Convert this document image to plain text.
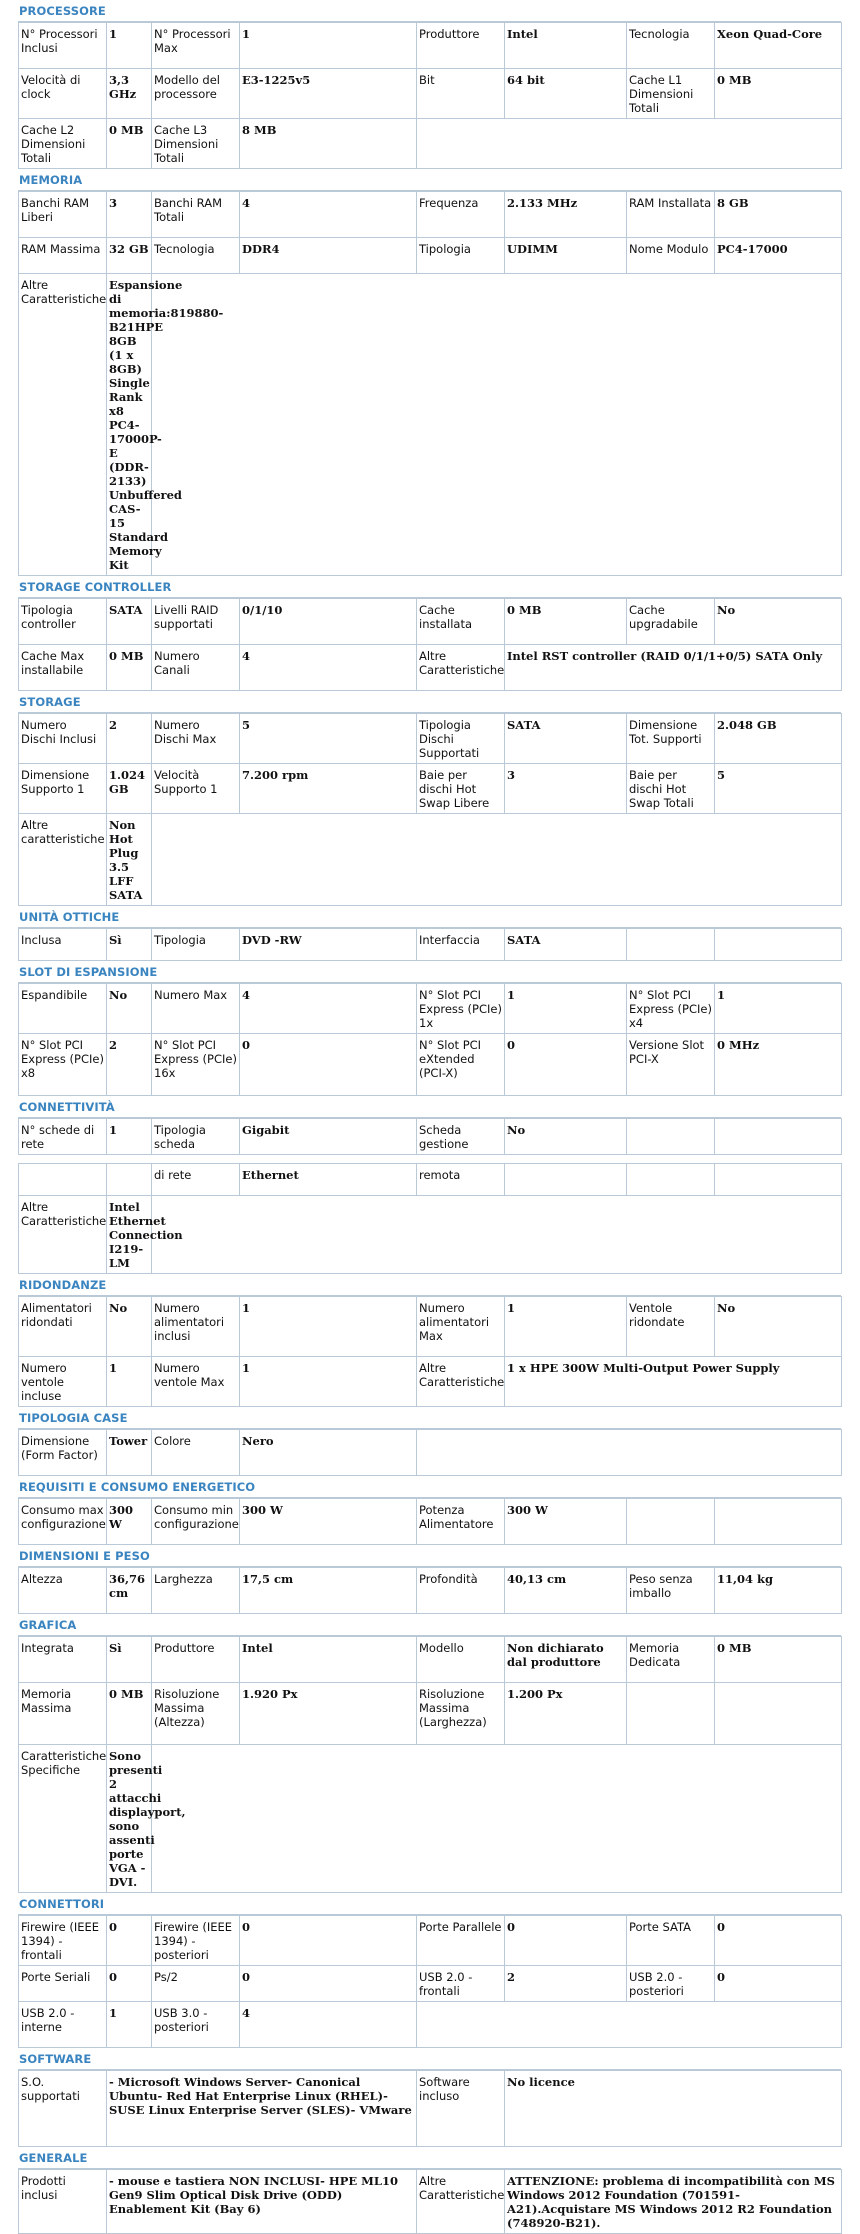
PROCESSORE
N° Processori Inclusi	1	N° Processori Max	1	Produttore	Intel	Tecnologia	Xeon Quad-Core
Velocità di clock	3,3 GHz	Modello del processore	E3-1225v5	Bit	64 bit	Cache L1 Dimensioni Totali	0 MB
Cache L2 Dimensioni Totali	0 MB	Cache L3 Dimensioni Totali	8 MB				
MEMORIA
Banchi RAM Liberi	3	Banchi RAM Totali	4	Frequenza	2.133 MHz	RAM Installata	8 GB
RAM Massima	32 GB	Tecnologia	DDR4	Tipologia	UDIMM	Nome Modulo	PC4-17000
Altre Caratteristiche	Espansione di memoria:819880-B21HPE 8GB (1 x 8GB) Single Rank x8 PC4-17000P-E (DDR-2133) Unbuffered CAS-15 Standard Memory Kit						
STORAGE CONTROLLER
Tipologia controller	SATA	Livelli RAID supportati	0/1/10	Cache installata	0 MB	Cache upgradabile	No
Cache Max installabile	0 MB	Numero Canali	4	Altre Caratteristiche	Intel RST controller (RAID 0/1/1+0/5) SATA Only		
STORAGE
Numero Dischi Inclusi	2	Numero Dischi Max	5	Tipologia Dischi Supportati	SATA	Dimensione Tot. Supporti	2.048 GB
Dimensione Supporto 1	1.024 GB	Velocità Supporto 1	7.200 rpm	Baie per dischi Hot Swap Libere	3	Baie per dischi Hot Swap Totali	5
Altre caratteristiche	Non Hot Plug 3.5 LFF SATA						
UNITÀ OTTICHE
Inclusa	Sì	Tipologia	DVD -RW	Interfaccia	SATA		
SLOT DI ESPANSIONE
Espandibile	No	Numero Max	4	N° Slot PCI Express (PCIe) 1x	1	N° Slot PCI Express (PCIe) x4	1
N° Slot PCI Express (PCIe) x8	2	N° Slot PCI Express (PCIe) 16x	0	N° Slot PCI eXtended (PCI-X)	0	Versione Slot PCI-X	0 MHz
CONNETTIVITÀ
N° schede di rete	1	Tipologia scheda	Gigabit	Scheda gestione	No		
		di rete	Ethernet	remota			
Altre Caratteristiche	Intel Ethernet Connection I219-LM						
RIDONDANZE
Alimentatori ridondati	No	Numero alimentatori inclusi	1	Numero alimentatori Max	1	Ventole ridondate	No
Numero ventole incluse	1	Numero ventole Max	1	Altre Caratteristiche	1 x HPE 300W Multi-Output Power Supply		
TIPOLOGIA CASE
Dimensione (Form Factor)	Tower	Colore	Nero	
REQUISITI E CONSUMO ENERGETICO
Consumo max configurazione	300 W	Consumo min configurazione	300 W	Potenza Alimentatore	300 W		
DIMENSIONI E PESO
Altezza	36,76 cm	Larghezza	17,5 cm	Profondità	40,13 cm	Peso senza imballo	11,04 kg
GRAFICA
Integrata	Sì	Produttore	Intel	Modello	Non dichiarato dal produttore	Memoria Dedicata	0 MB
Memoria Massima	0 MB	Risoluzione Massima (Altezza)	1.920 Px	Risoluzione Massima (Larghezza)	1.200 Px		
Caratteristiche Specifiche	Sono presenti 2 attacchi displayport, sono assenti porte VGA - DVI.						
CONNETTORI
Firewire (IEEE 1394) - frontali	0	Firewire (IEEE 1394) - posteriori	0	Porte Parallele	0	Porte SATA	0
Porte Seriali	0	Ps/2	0	USB 2.0 - frontali	2	USB 2.0 - posteriori	0
USB 2.0 - interne	1	USB 3.0 - posteriori	4				
SOFTWARE
S.O. supportati	- Microsoft Windows Server- Canonical Ubuntu- Red Hat Enterprise Linux (RHEL)- SUSE Linux Enterprise Server (SLES)- VMware	Software incluso	No licence
GENERALE
Prodotti inclusi	- mouse e tastiera NON INCLUSI- HPE ML10 Gen9 Slim Optical Disk Drive (ODD) Enablement Kit (Bay 6)	Altre Caratteristiche	ATTENZIONE: problema di incompatibilità con MS Windows 2012 Foundation (701591-A21).Acquistare MS Windows 2012 R2 Foundation (748920-B21).
